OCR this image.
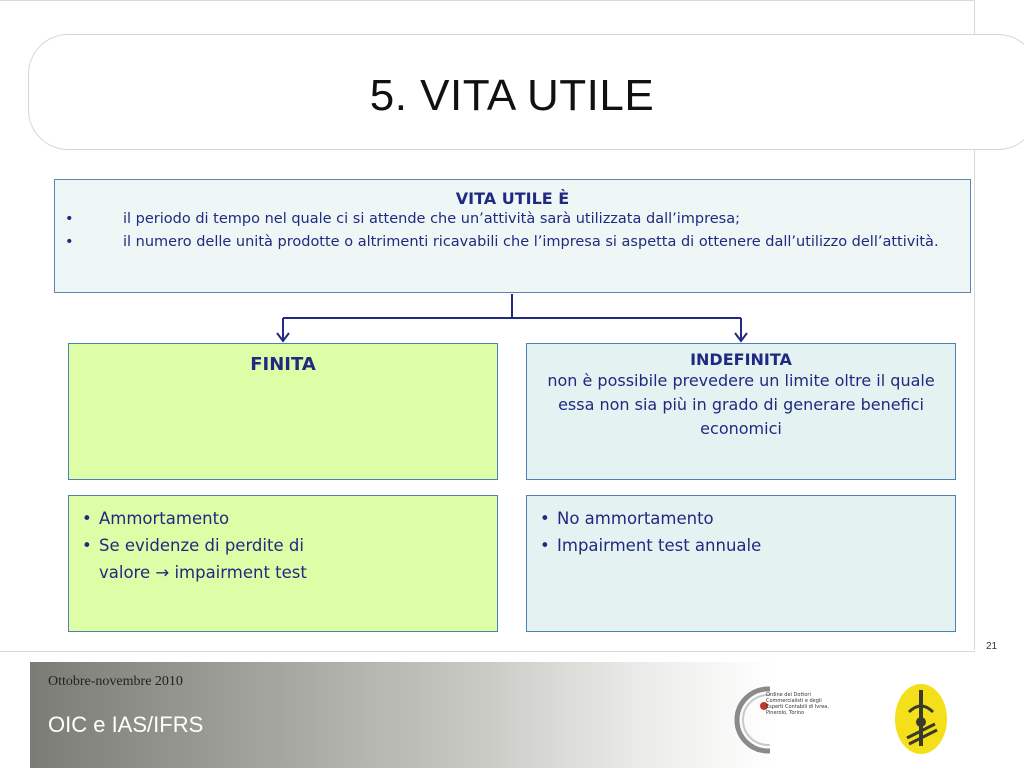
5. VITA UTILE
VITA UTILE È
•	il periodo di tempo nel quale ci si attende che un’attività sarà utilizzata dall’impresa;
•	il numero delle unità prodotte o altrimenti ricavabili che l’impresa si aspetta di ottenere dall’utilizzo dell’attività.
FINITA	INDEFINITA
non è possibile prevedere un limite oltre il quale essa non sia più in grado di generare benefici economici
• Ammortamento
• Se evidenze di perdite di
valore → impairment test
• No ammortamento
• Impairment test annuale
21
Ottobre-novembre 2010
OIC e IAS/IFRS
Ordine dei Dottori Commercialisti e degli Esperti Contabili di Ivrea, Pinerolo, Torino
